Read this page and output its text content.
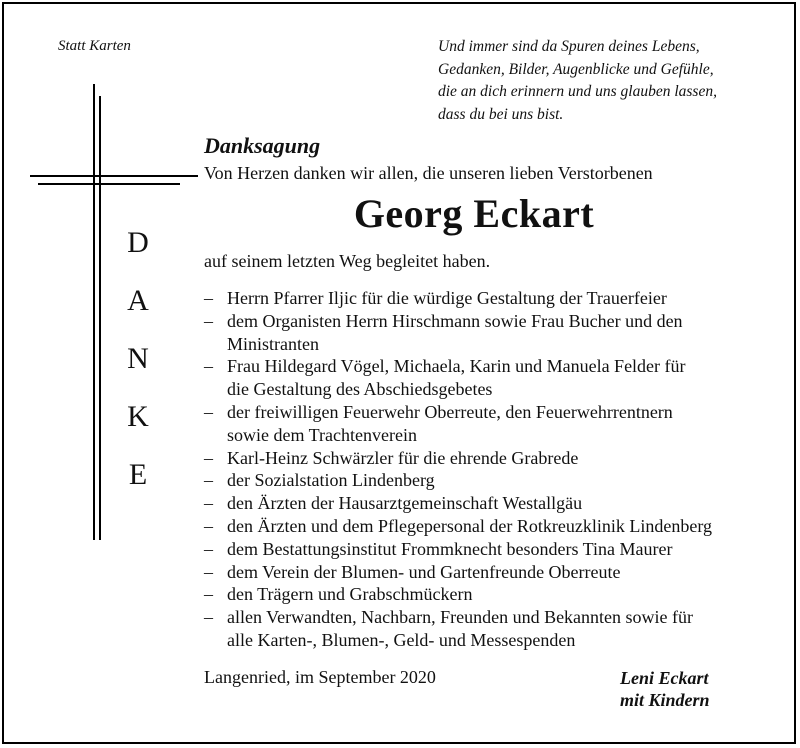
Statt Karten	Und immer sind da Spuren deines Lebens,
Gedanken, Bilder, Augenblicke und Gefühle,
die an dich erinnern und uns glauben lassen,
dass du bei uns bist.
D
A
N
K
E
Danksagung
Von Herzen danken wir allen, die unseren lieben Verstorbenen
Georg Eckart
auf seinem letzten Weg begleitet haben.
– Herrn Pfarrer Iljic für die würdige Gestaltung der Trauerfeier
– dem Organisten Herrn Hirschmann sowie Frau Bucher und den
Ministranten
– Frau Hildegard Vögel, Michaela, Karin und Manuela Felder für
die Gestaltung des Abschiedsgebetes
– der freiwilligen Feuerwehr Oberreute, den Feuerwehrrentnern
sowie dem Trachtenverein
– Karl-Heinz Schwärzler für die ehrende Grabrede
– der Sozialstation Lindenberg
– den Ärzten der Hausarztgemeinschaft Westallgäu
– den Ärzten und dem Pflegepersonal der Rotkreuzklinik Lindenberg
– dem Bestattungsinstitut Frommknecht besonders Tina Maurer
– dem Verein der Blumen- und Gartenfreunde Oberreute
– den Trägern und Grabschmückern
– allen Verwandten, Nachbarn, Freunden und Bekannten sowie für
alle Karten-, Blumen-, Geld- und Messespenden
Langenried, im September 2020	Leni Eckart
mit Kindern
